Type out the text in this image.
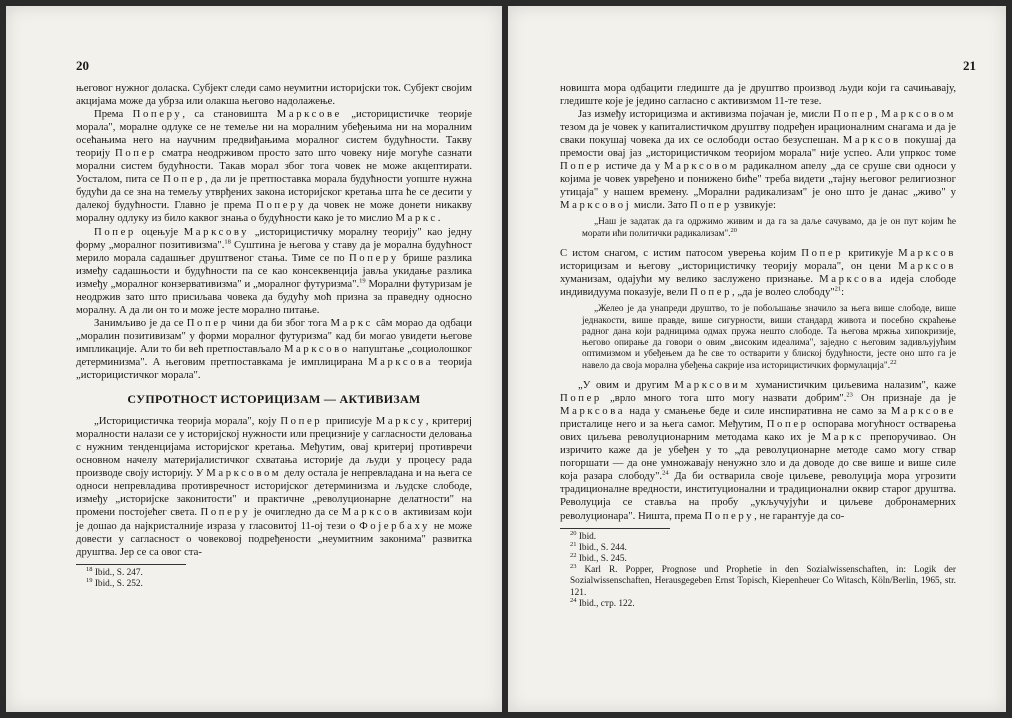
20

његовог нужног доласка. Субјект следи само неумитни историјски ток. Субјект својим акцијама може да убрза или олакша његово надолажење.

Према Поперу, са становишта Марксове „историцистичке теорије морала", моралне одлуке се не темеље ни на моралним убеђењима ни на моралним осећањима него на научним предвиђањима моралног систем будућности. Такву теорију Попер сматра неодрживом просто зато што човеку није могуће сазнати морални систем будућности. Такав морал због тога човек не може акцептирати. Уосталом, пита се Попер, да ли је претпоставка морала будућности уопште нужна будући да се зна на темељу утврђених закона историјског кретања шта ће се десити у далекој будућности. Главно је према Поперу да човек не може донети никакву моралну одлуку из било каквог знања о будућности како је то мислио Маркс.

Попер оцењује Марксову „историцистичку моралну теорију" као једну форму „моралног позитивизма".$^{18}$ Суштина је његова у ставу да је морална будућност мерило морала садашњег друштвеног стања. Тиме се по Поперу брише разлика између садашњости и будућности па се као консеквенција јавља укидање разлика између „моралног конзервативизма" и „моралног футуризма".$^{19}$ Морални футуризам је неодржив зато што присиљава човека да будућу моћ призна за праведну односно моралну. А да ли он то и може јесте морално питање.

Занимљиво је да се Попер чини да би због тога Маркс сâм морао да одбаци „моралин позитивизам" у форми моралног футуризма" кад би могао увидети његове импликације. Али то би већ претпостављало Марксово напуштање „социолошког детерминизма". А његовим претпоставкама је имплицирана Марксова теорија „историцистичког морала".

СУПРОТНОСТ ИСТОРИЦИЗАМ — АКТИВИЗАМ

„Историцистичка теорија морала", коју Попер приписује Марксу, критериј моралности налази се у историјској нужности или прецизније у сагласности деловања с нужним тенденцијама историјског кретања. Међутим, овај критериј противречи основном начелу материјалистичког схватања историје да људи у процесу рада производе своју историју. У Марксовом делу остала је непревладана и на њега се односи непревладива противречност историјског детерминизма и људске слободе, између „историјске законитости" и практичне „револуционарне делатности" на промени постојећег света. Поперу је очигледно да се Марксов активизам који је дошао да најкристалније израза у гласовитој 11-ој тези о Фојербаху не може довести у сагласност о човековој подређености „неумитним законима" развитка друштва. Јер се са овог ста-

$^{18}$ Ibid., S. 247.
$^{19}$ Ibid., S. 252.
21

новишта мора одбацити гледиште да је друштво производ људи који га сачињавају, гледиште које је једино сагласно с активизмом 11-те тезе.

Јаз између историцизма и активизма појачан је, мисли Попер, Марксовом тезом да је човек у капиталистичком друштву подређен ирационалним снагама и да је сваки покушај човека да их се ослободи остао безуспешан. Марксов покушај да премости овај јаз „историцистичком теоријом морала" није успео. Али упркос томе Попер истиче да у Марксовом радикалном апелу „да се сруше сви односи у којима је човек увређено и понижено биће" треба видети „тајну његовог религиозног утицаја" у нашем времену. „Морални радикализам" је оно што је данас „живо" у Марксовој мисли. Зато Попер узвикује:

„Наш је задатак да га одржимо живим и да га за даље сачувамо, да је он пут којим ће морати ићи политички радикализам".$^{20}$

С истом снагом, с истим патосом уверења којим Попер критикује Марксов историцизам и његову „историцистичку теорију морала", он цени Марксов хуманизам, одајући му велико заслужено признање. Марксова идеја слободе индивидуума показује, вели Попер, „да је волео слободу"$^{21}$:

„Желео је да унапреди друштво, то је побољшање значило за њега више слободе, више једнакости, више правде, више сигурности, виши стандард живота и посебно скраћење радног дана који радницима одмах пружа нешто слободе. Та његова мржња хипокризије, његово опирање да говори о овим „високим идеалима", заједно с његовим задивљујућим оптимизмом и убеђењем да ће све то остварити у блиској будућности, јесте оно што га је навело да своја морална убеђења сакрије иза историцистичких формулација".$^{22}$

„У овим и другим Марксовим хуманистичким циљевима налазим", каже Попер „врло много тога што могу назвати добрим".$^{23}$ Он признаје да је Марксова нада у смањење беде и силе инспиративна не само за Марксове присталице него и за њега самог. Међутим, Попер оспорава могућност остварења ових циљева револуционарним методама како их је Маркс препоручивао. Он изричито каже да је убеђен у то „да револуционарне методе само могу ствар погоршати — да оне умножавају ненужно зло и да доводе до све више и више силе која разара слободу".$^{24}$ Да би остварила своје циљеве, револуција мора угрозити традиционалне вредности, институционални и традиционални оквир старог друштва. Револуција се ставља на пробу „укључујући и циљеве добронамерних револуционара". Ништа, према Поперу, не гарантује да со-

$^{20}$ Ibid.
$^{21}$ Ibid., S. 244.
$^{22}$ Ibid., S. 245.
$^{23}$ Karl R. Popper, Prognose und Prophetie in den Sozialwissenschaften, in: Logik der Sozialwissenschaften, Herausgegeben Ernst Topisch, Kiepenheuer Co Witasch, Köln/Berlin, 1965, str. 121.
$^{24}$ Ibid., стр. 122.
